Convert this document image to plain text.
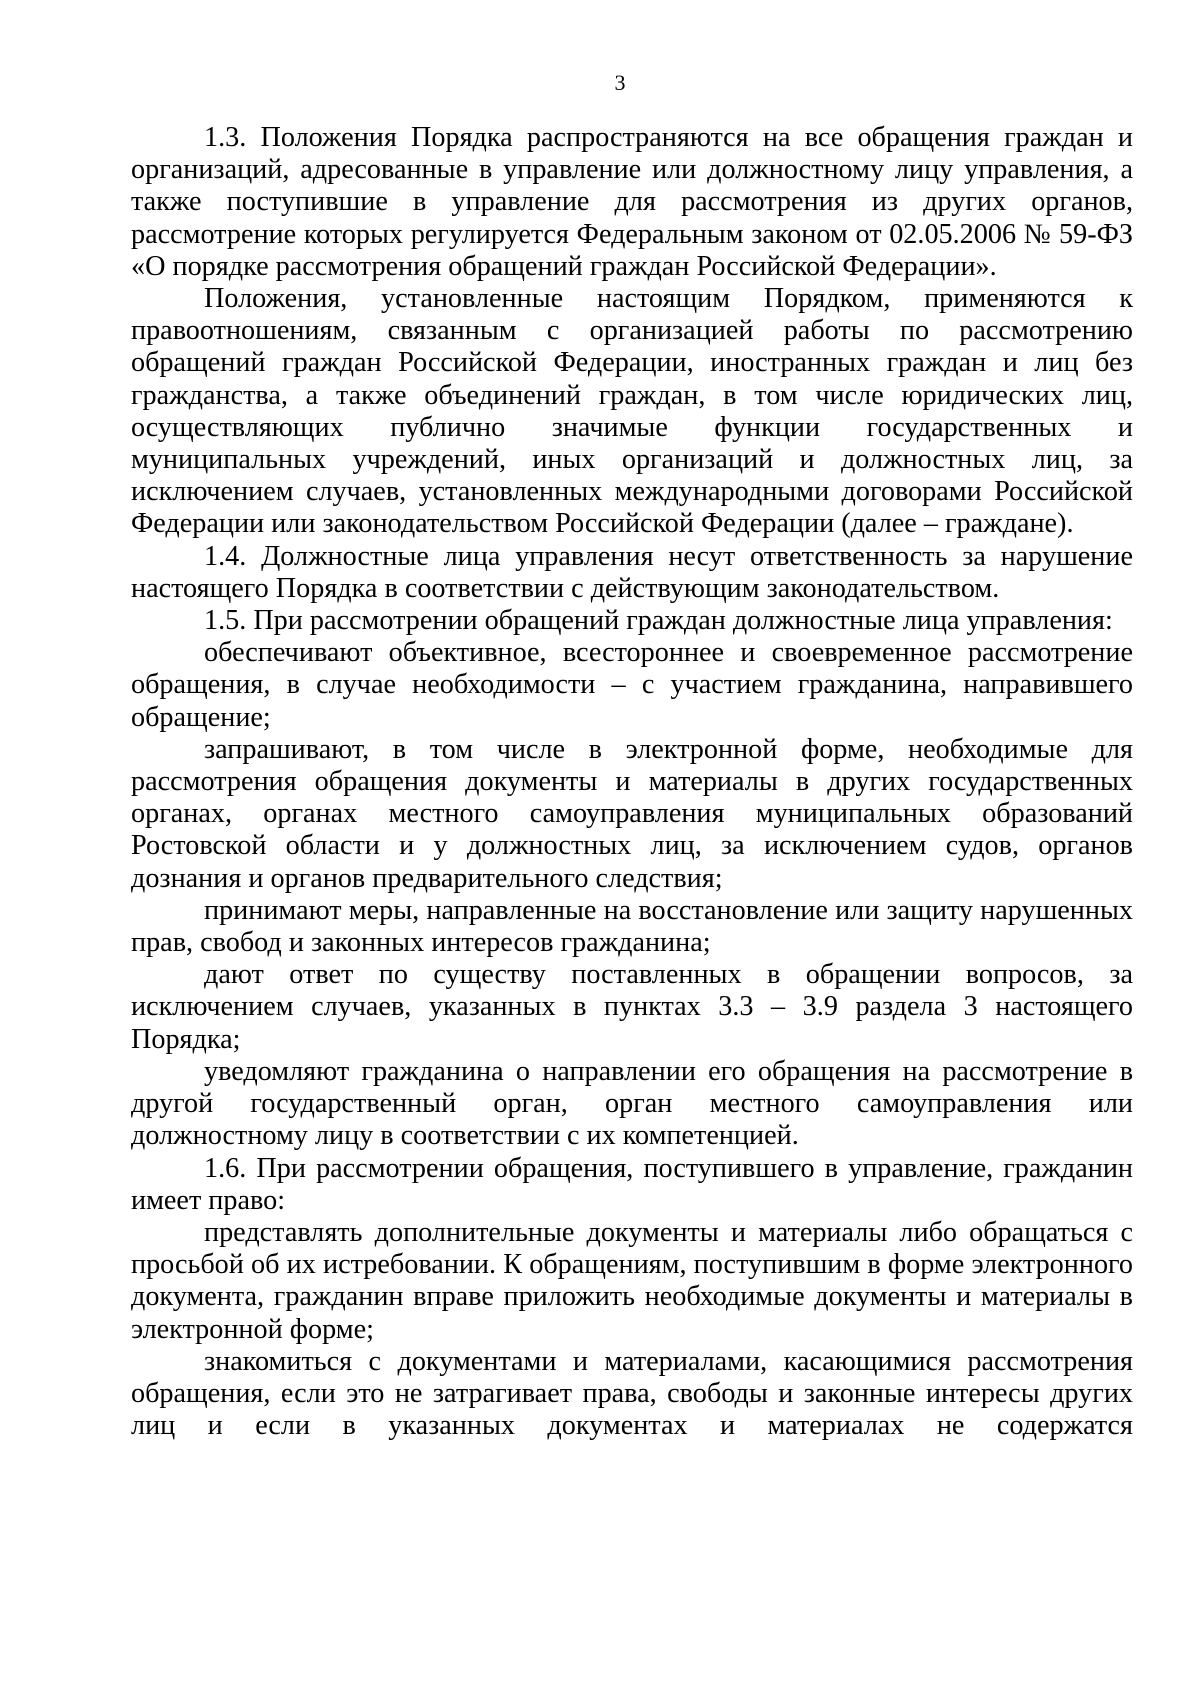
3

1.3. Положения Порядка распространяются на все обращения граждан и организаций, адресованные в управление или должностному лицу управления, а также поступившие в управление для рассмотрения из других органов, рассмотрение которых регулируется Федеральным законом от 02.05.2006 № 59-ФЗ «О порядке рассмотрения обращений граждан Российской Федерации».

Положения, установленные настоящим Порядком, применяются к правоотношениям, связанным с организацией работы по рассмотрению обращений граждан Российской Федерации, иностранных граждан и лиц без гражданства, а также объединений граждан, в том числе юридических лиц, осуществляющих публично значимые функции государственных и муниципальных учреждений, иных организаций и должностных лиц, за исключением случаев, установленных международными договорами Российской Федерации или законодательством Российской Федерации (далее – граждане).

1.4. Должностные лица управления несут ответственность за нарушение настоящего Порядка в соответствии с действующим законодательством.

1.5. При рассмотрении обращений граждан должностные лица управления:

обеспечивают объективное, всестороннее и своевременное рассмотрение обращения, в случае необходимости – с участием гражданина, направившего обращение;

запрашивают, в том числе в электронной форме, необходимые для рассмотрения обращения документы и материалы в других государственных органах, органах местного самоуправления муниципальных образований Ростовской области и у должностных лиц, за исключением судов, органов дознания и органов предварительного следствия;

принимают меры, направленные на восстановление или защиту нарушенных прав, свобод и законных интересов гражданина;

дают ответ по существу поставленных в обращении вопросов, за исключением случаев, указанных в пунктах 3.3 – 3.9 раздела 3 настоящего Порядка;

уведомляют гражданина о направлении его обращения на рассмотрение в другой государственный орган, орган местного самоуправления или должностному лицу в соответствии с их компетенцией.

1.6. При рассмотрении обращения, поступившего в управление, гражданин имеет право:

представлять дополнительные документы и материалы либо обращаться с просьбой об их истребовании. К обращениям, поступившим в форме электронного документа, гражданин вправе приложить необходимые документы и материалы в электронной форме;

знакомиться с документами и материалами, касающимися рассмотрения обращения, если это не затрагивает права, свободы и законные интересы других лиц и если в указанных документах и материалах не содержатся
